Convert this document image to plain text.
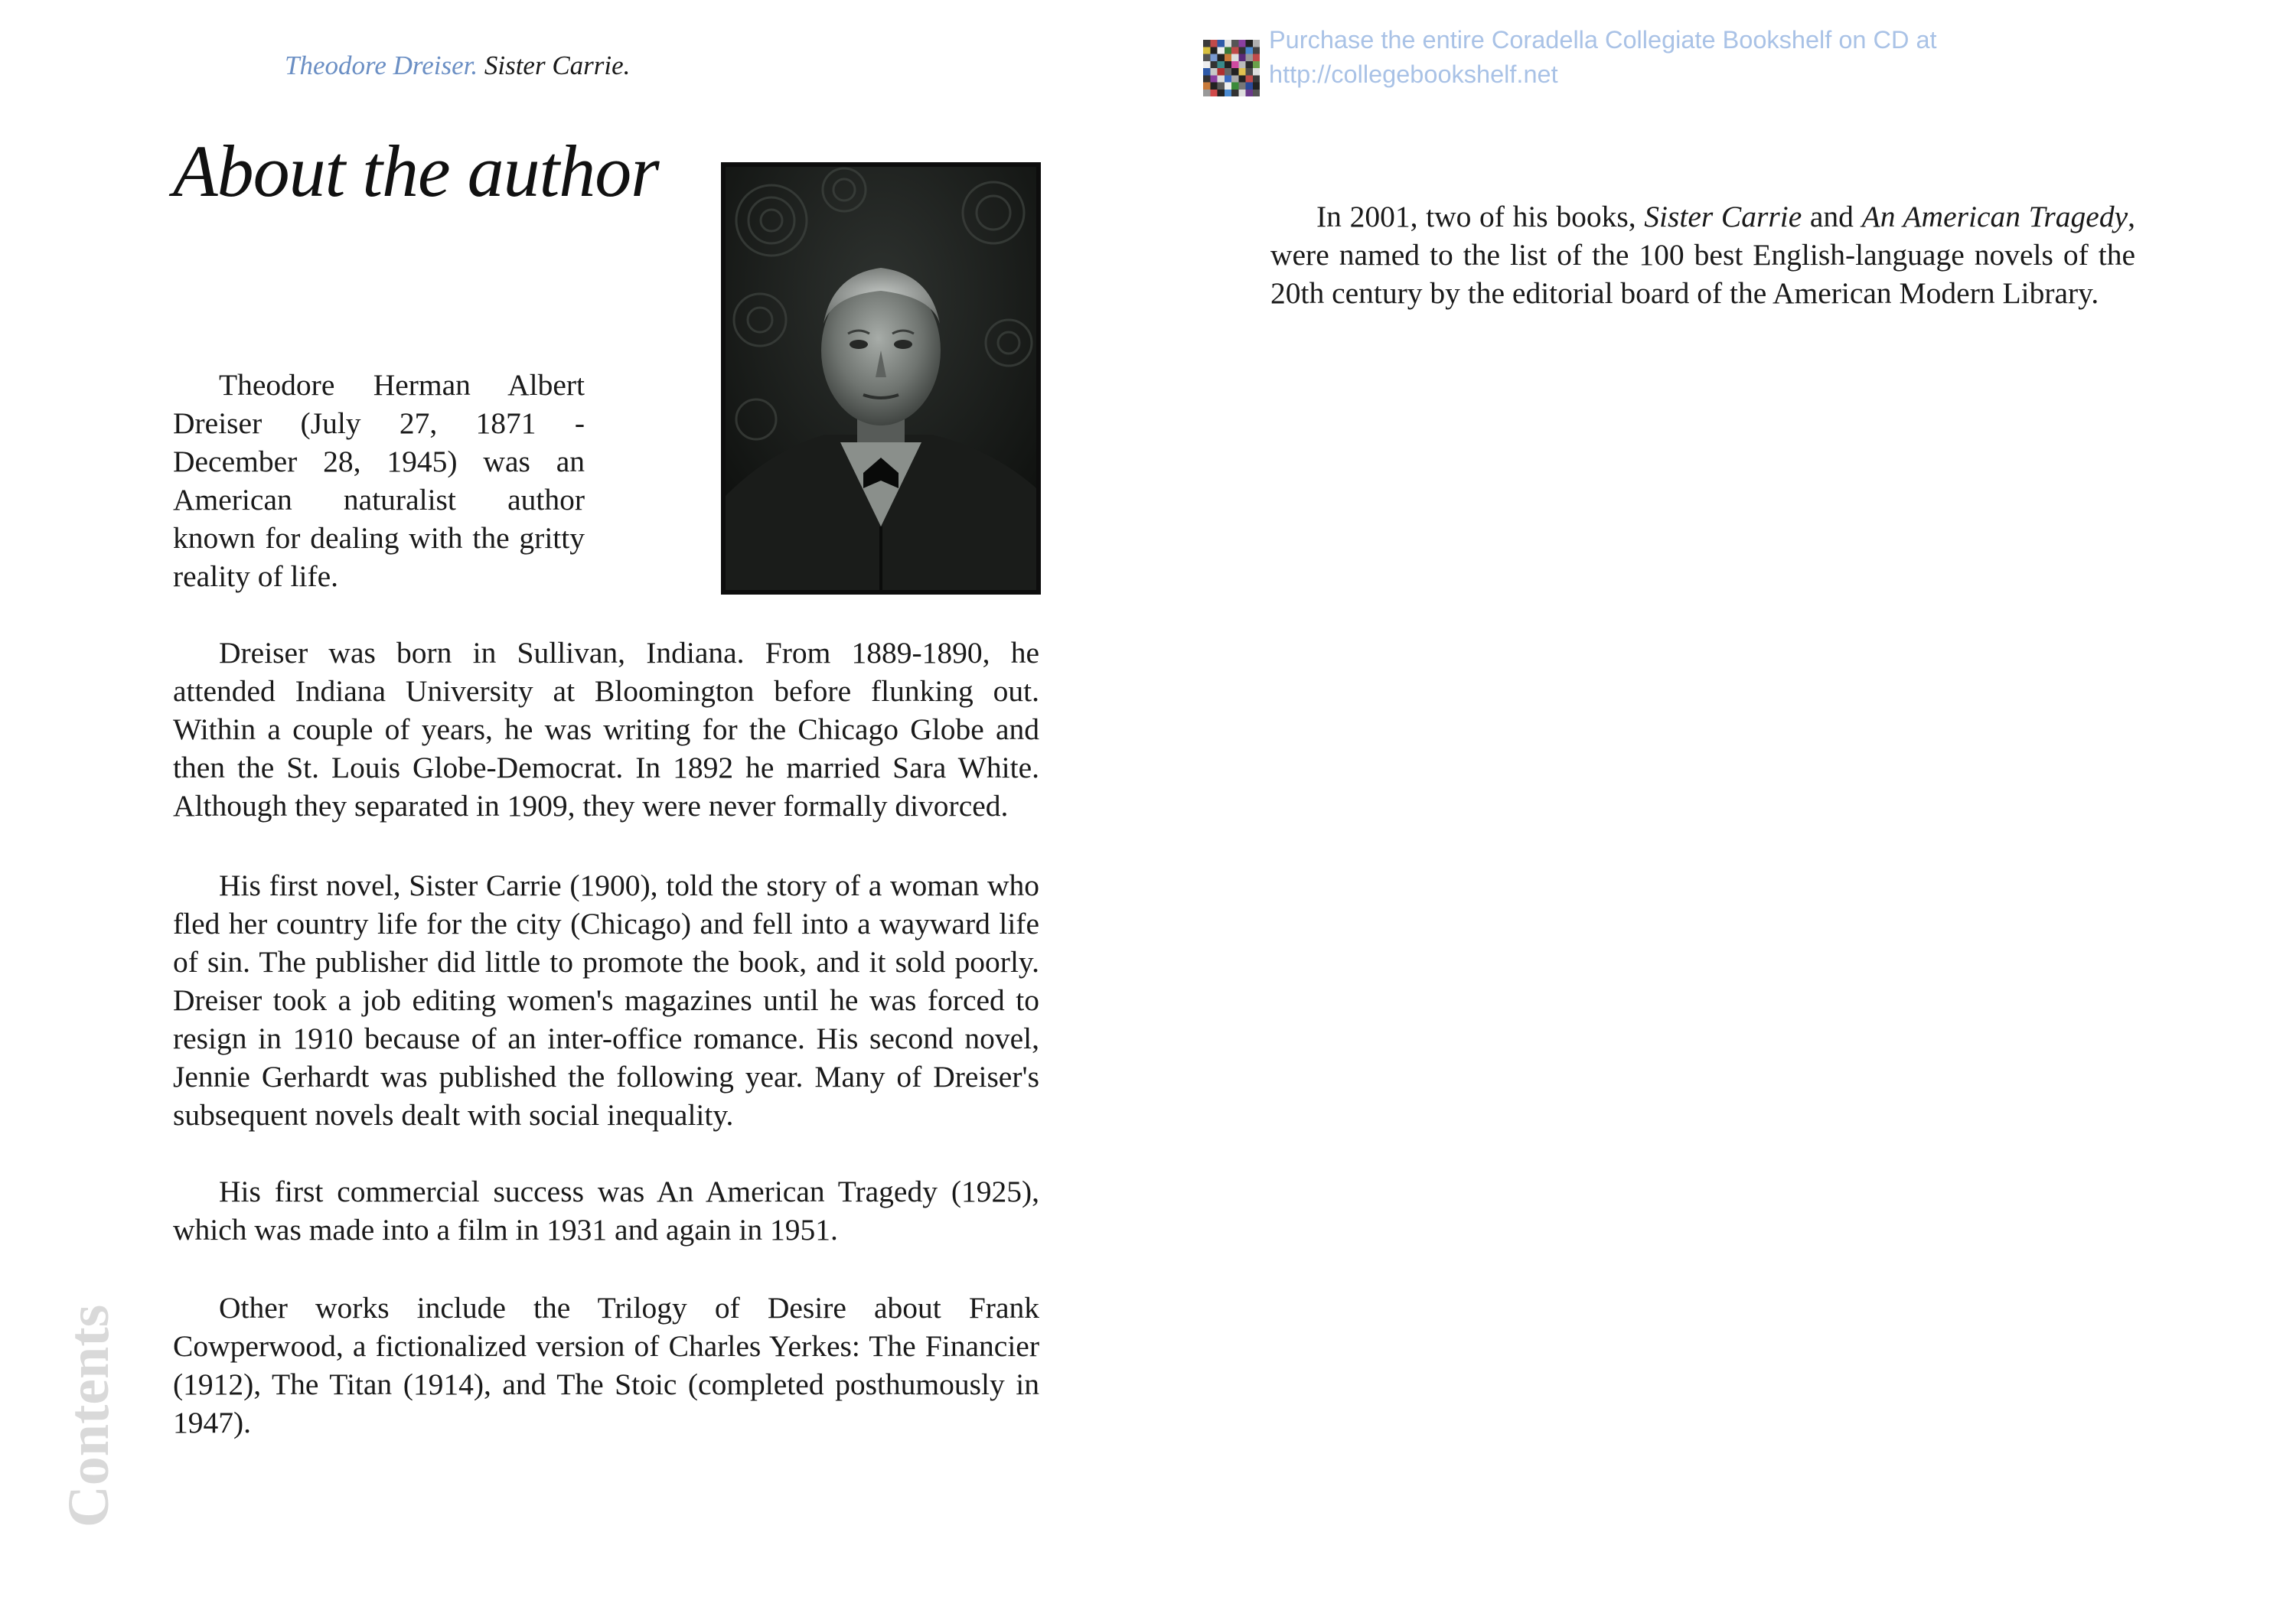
Theodore Dreiser. Sister Carrie.
About the author

Theodore Herman Albert Dreiser (July 27, 1871 - December 28, 1945) was an American naturalist author known for dealing with the gritty reality of life.

Dreiser was born in Sullivan, Indiana. From 1889-1890, he attended Indiana University at Bloomington before flunking out. Within a couple of years, he was writing for the Chicago Globe and then the St. Louis Globe-Democrat. In 1892 he married Sara White. Although they separated in 1909, they were never formally divorced.

His first novel, Sister Carrie (1900), told the story of a woman who fled her country life for the city (Chicago) and fell into a wayward life of sin. The publisher did little to promote the book, and it sold poorly. Dreiser took a job editing women's magazines until he was forced to resign in 1910 because of an inter-office romance. His second novel, Jennie Gerhardt was published the following year. Many of Dreiser's subsequent novels dealt with social inequality.

His first commercial success was An American Tragedy (1925), which was made into a film in 1931 and again in 1951.

Other works include the Trilogy of Desire about Frank Cowperwood, a fictionalized version of Charles Yerkes: The Financier (1912), The Titan (1914), and The Stoic (completed posthumously in 1947).

In 2001, two of his books, Sister Carrie and An American Tragedy, were named to the list of the 100 best English-language novels of the 20th century by the editorial board of the American Modern Library.

Contents
Purchase the entire Coradella Collegiate Bookshelf on CD at
http://collegebookshelf.net
